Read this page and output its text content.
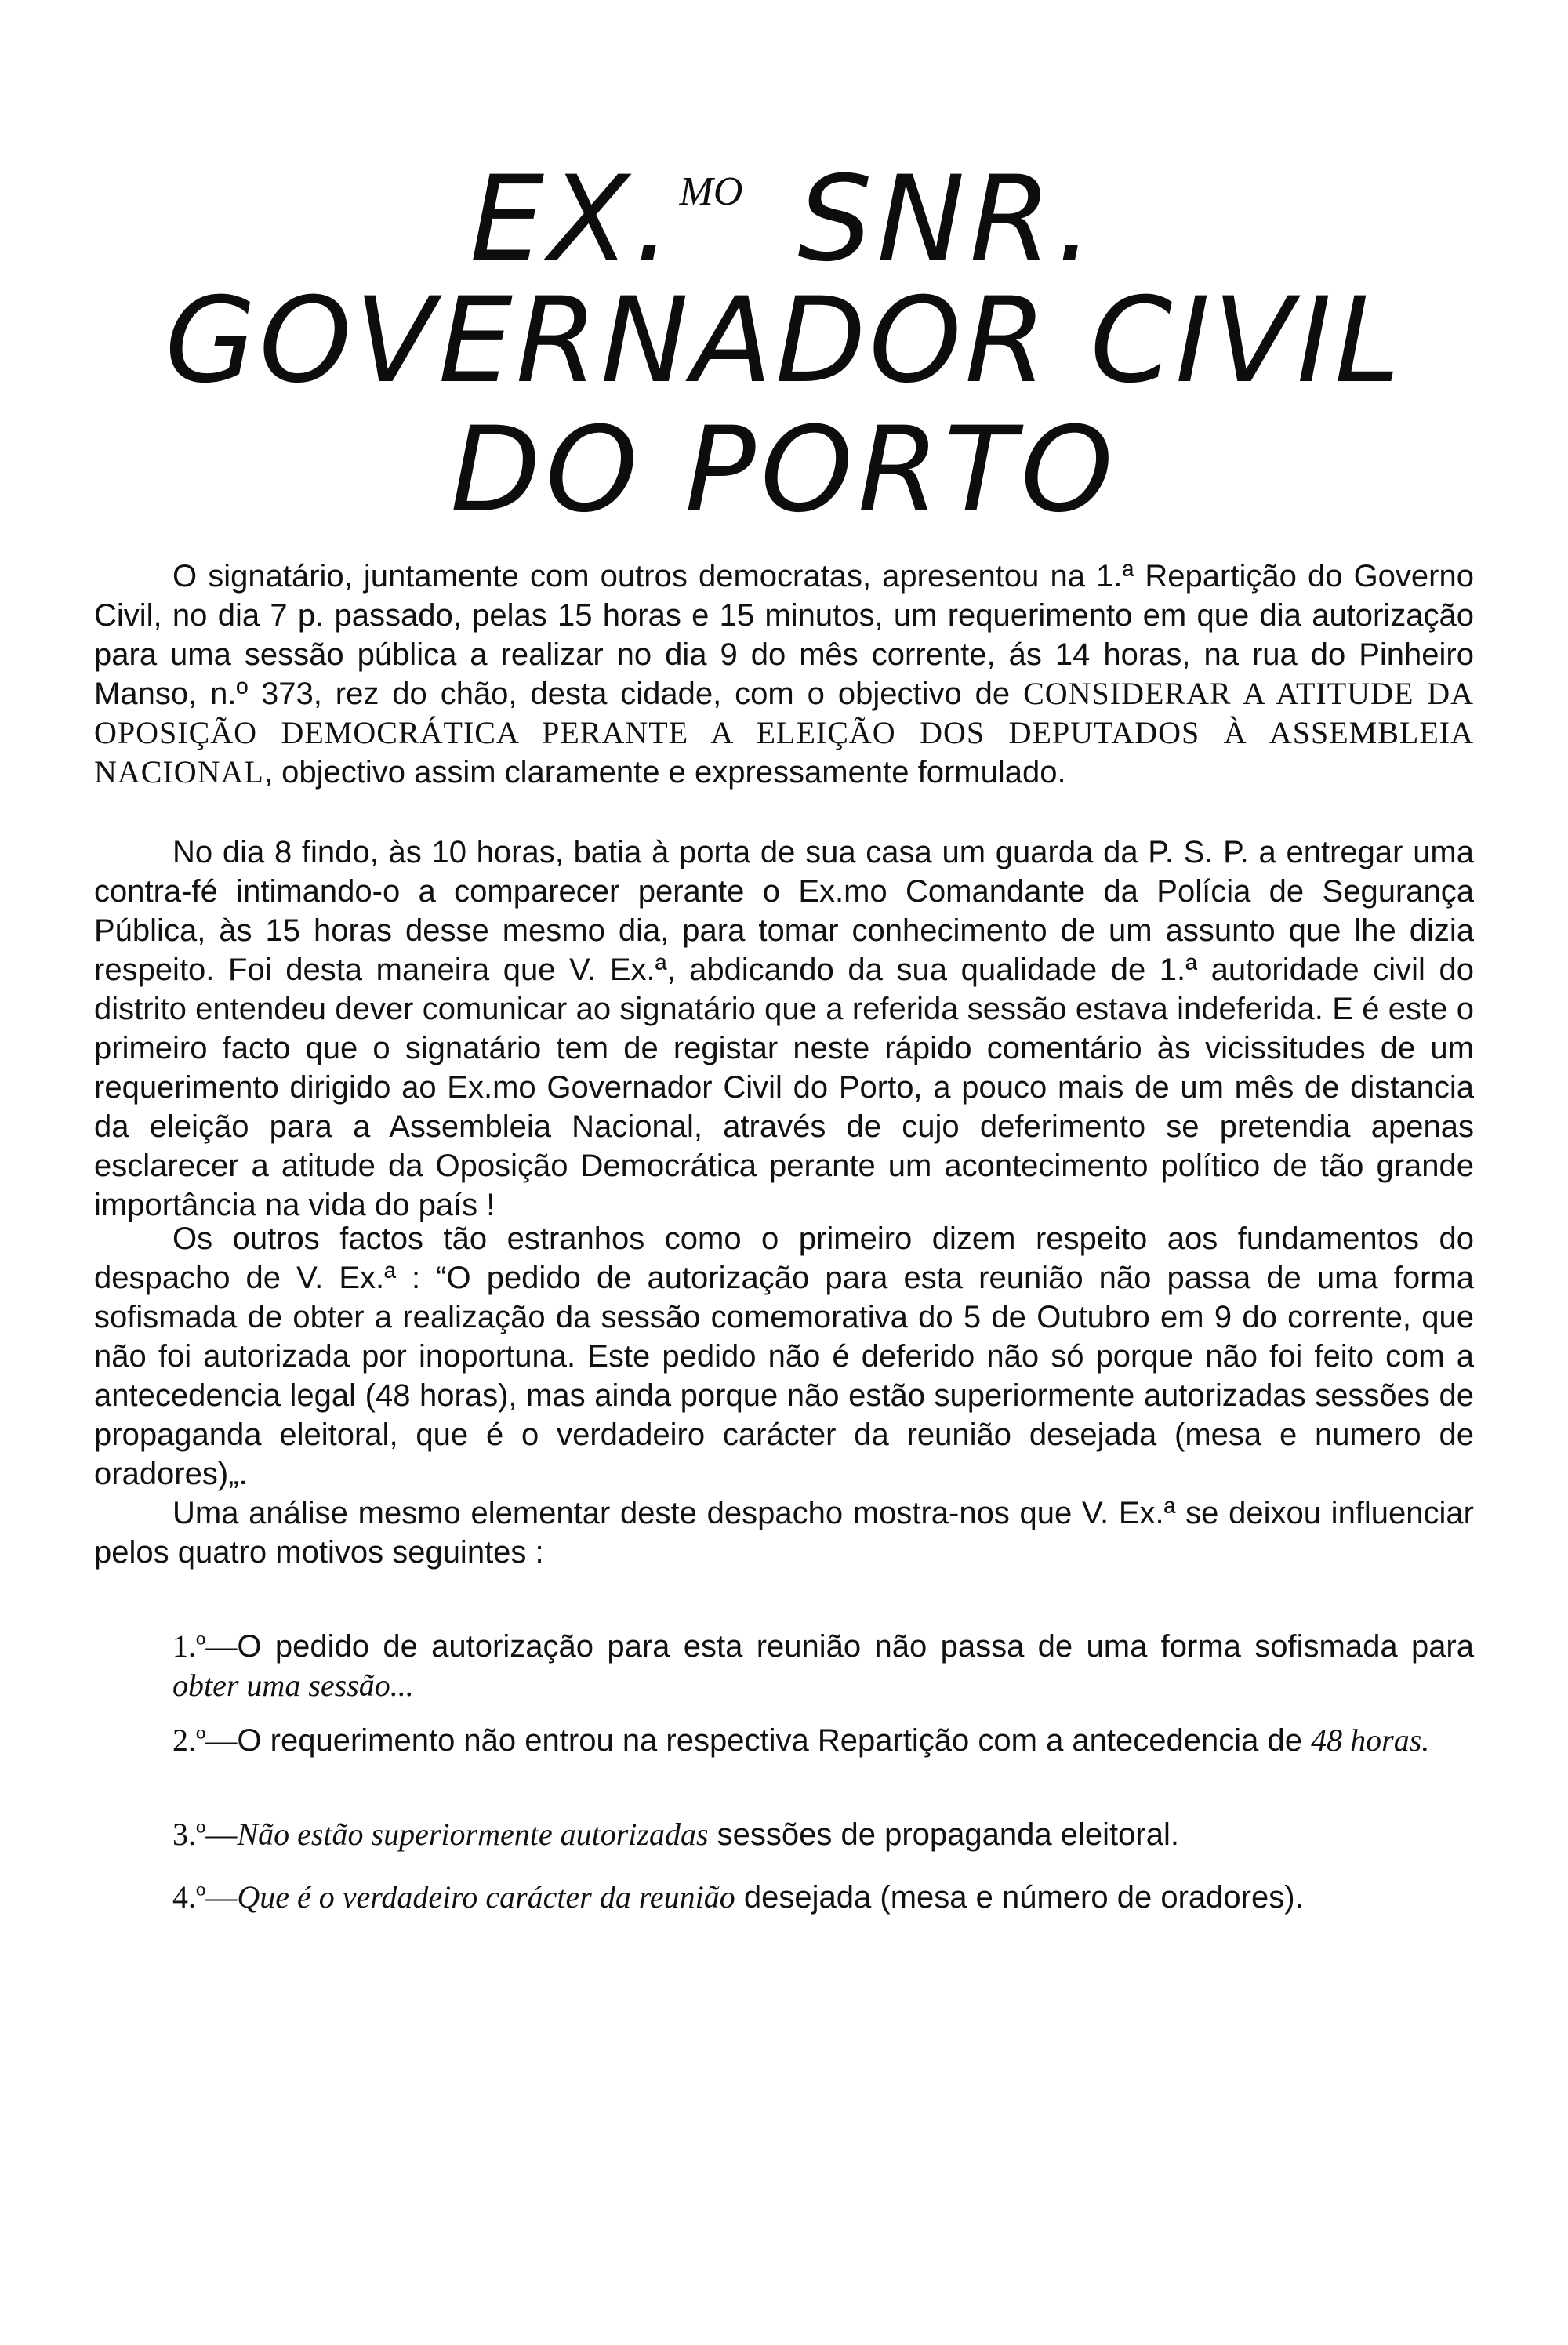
EX.$^{MO}$ SNR.
GOVERNADOR CIVIL
DO PORTO
O signatário, juntamente com outros democratas, apresentou na 1.ª Repartição do Governo Civil, no dia 7 p. passado, pelas 15 horas e 15 minutos, um requerimento em que dia autorização para uma sessão pública a realizar no dia 9 do mês corrente, ás 14 horas, na rua do Pinheiro Manso, n.º 373, rez do chão, desta cidade, com o objectivo de CONSIDERAR A ATITUDE DA OPOSIÇÃO DEMOCRÁTICA PERANTE A ELEIÇÃO DOS DEPUTADOS À ASSEMBLEIA NACIONAL, objectivo assim claramente e expressamente formulado.
No dia 8 findo, às 10 horas, batia à porta de sua casa um guarda da P. S. P. a entregar uma contra-fé intimando-o a comparecer perante o Ex.mo Comandante da Polícia de Segurança Pública, às 15 horas desse mesmo dia, para tomar conhecimento de um assunto que lhe dizia respeito. Foi desta maneira que V. Ex.ª, abdicando da sua qualidade de 1.ª autoridade civil do distrito entendeu dever comunicar ao signatário que a referida sessão estava indeferida. E é este o primeiro facto que o signatário tem de registar neste rápido comentário às vicissitudes de um requerimento dirigido ao Ex.mo Governador Civil do Porto, a pouco mais de um mês de distancia da eleição para a Assembleia Nacional, através de cujo deferimento se pretendia apenas esclarecer a atitude da Oposição Democrática perante um acontecimento político de tão grande importância na vida do país !
Os outros factos tão estranhos como o primeiro dizem respeito aos fundamentos do despacho de V. Ex.ª : “O pedido de autorização para esta reunião não passa de uma forma sofismada de obter a realização da sessão comemorativa do 5 de Outubro em 9 do corrente, que não foi autorizada por inoportuna. Este pedido não é deferido não só porque não foi feito com a antecedencia legal (48 horas), mas ainda porque não estão superiormente autorizadas sessões de propaganda eleitoral, que é o verdadeiro carácter da reunião desejada (mesa e numero de oradores)„.
Uma análise mesmo elementar deste despacho mostra-nos que V. Ex.ª se deixou influenciar pelos quatro motivos seguintes :
1.º—O pedido de autorização para esta reunião não passa de uma forma sofismada para obter uma sessão...
2.º—O requerimento não entrou na respectiva Repartição com a antecedencia de 48 horas.
3.º—Não estão superiormente autorizadas sessões de propaganda eleitoral.
4.º—Que é o verdadeiro carácter da reunião desejada (mesa e número de oradores).
